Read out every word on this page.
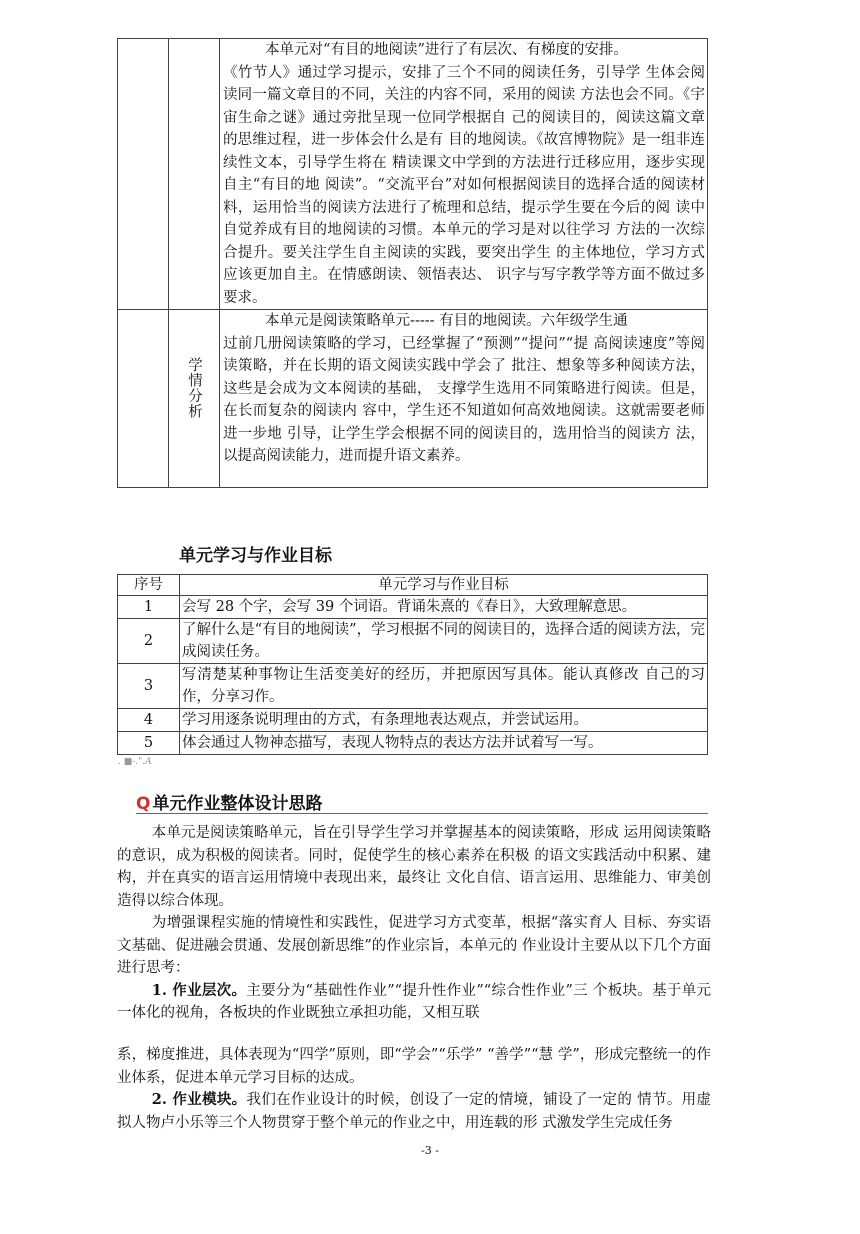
		本单元对“有目的地阅读”进行了有层次、有梯度的安排。
《竹节人》通过学习提示，安排了三个不同的阅读任务，引导学 生体会阅读同一篇文章目的不同，关注的内容不同，采用的阅读 方法也会不同。《宇宙生命之谜》通过旁批呈现一位同学根据自 己的阅读目的，阅读这篇文章的思维过程，进一步体会什么是有 目的地阅读。《故宫博物院》是一组非连续性文本，引导学生将在 精读课文中学到的方法进行迁移应用，逐步实现自主“有目的地 阅读”。“交流平台”对如何根据阅读目的选择合适的阅读材料，运用恰当的阅读方法进行了梳理和总结，提示学生要在今后的阅 读中自觉养成有目的地阅读的习惯。本单元的学习是对以往学习 方法的一次综合提升。要关注学生自主阅读的实践，要突出学生 的主体地位，学习方式应该更加自主。在情感朗读、领悟表达、 识字与写字教学等方面不做过多要求。

	学情分析	本单元是阅读策略单元----- 有目的地阅读。六年级学生通
过前几册阅读策略的学习，已经掌握了“预测”“提问”“提 高阅读速度”等阅读策略，并在长期的语文阅读实践中学会了 批注、想象等多种阅读方法，这些是会成为文本阅读的基础， 支撑学生选用不同策略进行阅读。但是，在长而复杂的阅读内 容中，学生还不知道如何高效地阅读。这就需要老师进一步地 引导，让学生学会根据不同的阅读目的，选用恰当的阅读方 法，以提高阅读能力，进而提升语文素养。
单元学习与作业目标
序号	单元学习与作业目标
1	会写 28 个字，会写 39 个词语。背诵朱熹的《春日》，大致理解意思。
2	了解什么是“有目的地阅读”，学习根据不同的阅读目的，选择合适的阅读方法，完成阅读任务。
3	写清楚某种事物让生活变美好的经历，并把原因写具体。能认真修改 自己的习作，分享习作。
4	学习用逐条说明理由的方式，有条理地表达观点，并尝试运用。
5	体会通过人物神态描写，表现人物特点的表达方法并试着写一写。
. ■-.".A
Q 单元作业整体设计思路

本单元是阅读策略单元，旨在引导学生学习并掌握基本的阅读策略，形成 运用阅读策略的意识，成为积极的阅读者。同时，促使学生的核心素养在积极 的语文实践活动中积累、建构，并在真实的语言运用情境中表现出来，最终让 文化自信、语言运用、思维能力、审美创造得以综合体现。

为增强课程实施的情境性和实践性，促进学习方式变革，根据“落实育人 目标、夯实语文基础、促进融会贯通、发展创新思维”的作业宗旨，本单元的 作业设计主要从以下几个方面进行思考：

1. 作业层次。主要分为“基础性作业”“提升性作业”“综合性作业”三 个板块。基于单元一体化的视角，各板块的作业既独立承担功能，又相互联

系，梯度推进，具体表现为“四学”原则，即“学会”“乐学” “善学”“慧 学”，形成完整统一的作业体系，促进本单元学习目标的达成。

2. 作业模块。我们在作业设计的时候，创设了一定的情境，铺设了一定的 情节。用虚拟人物卢小乐等三个人物贯穿于整个单元的作业之中，用连载的形 式激发学生完成任务

-3 -
